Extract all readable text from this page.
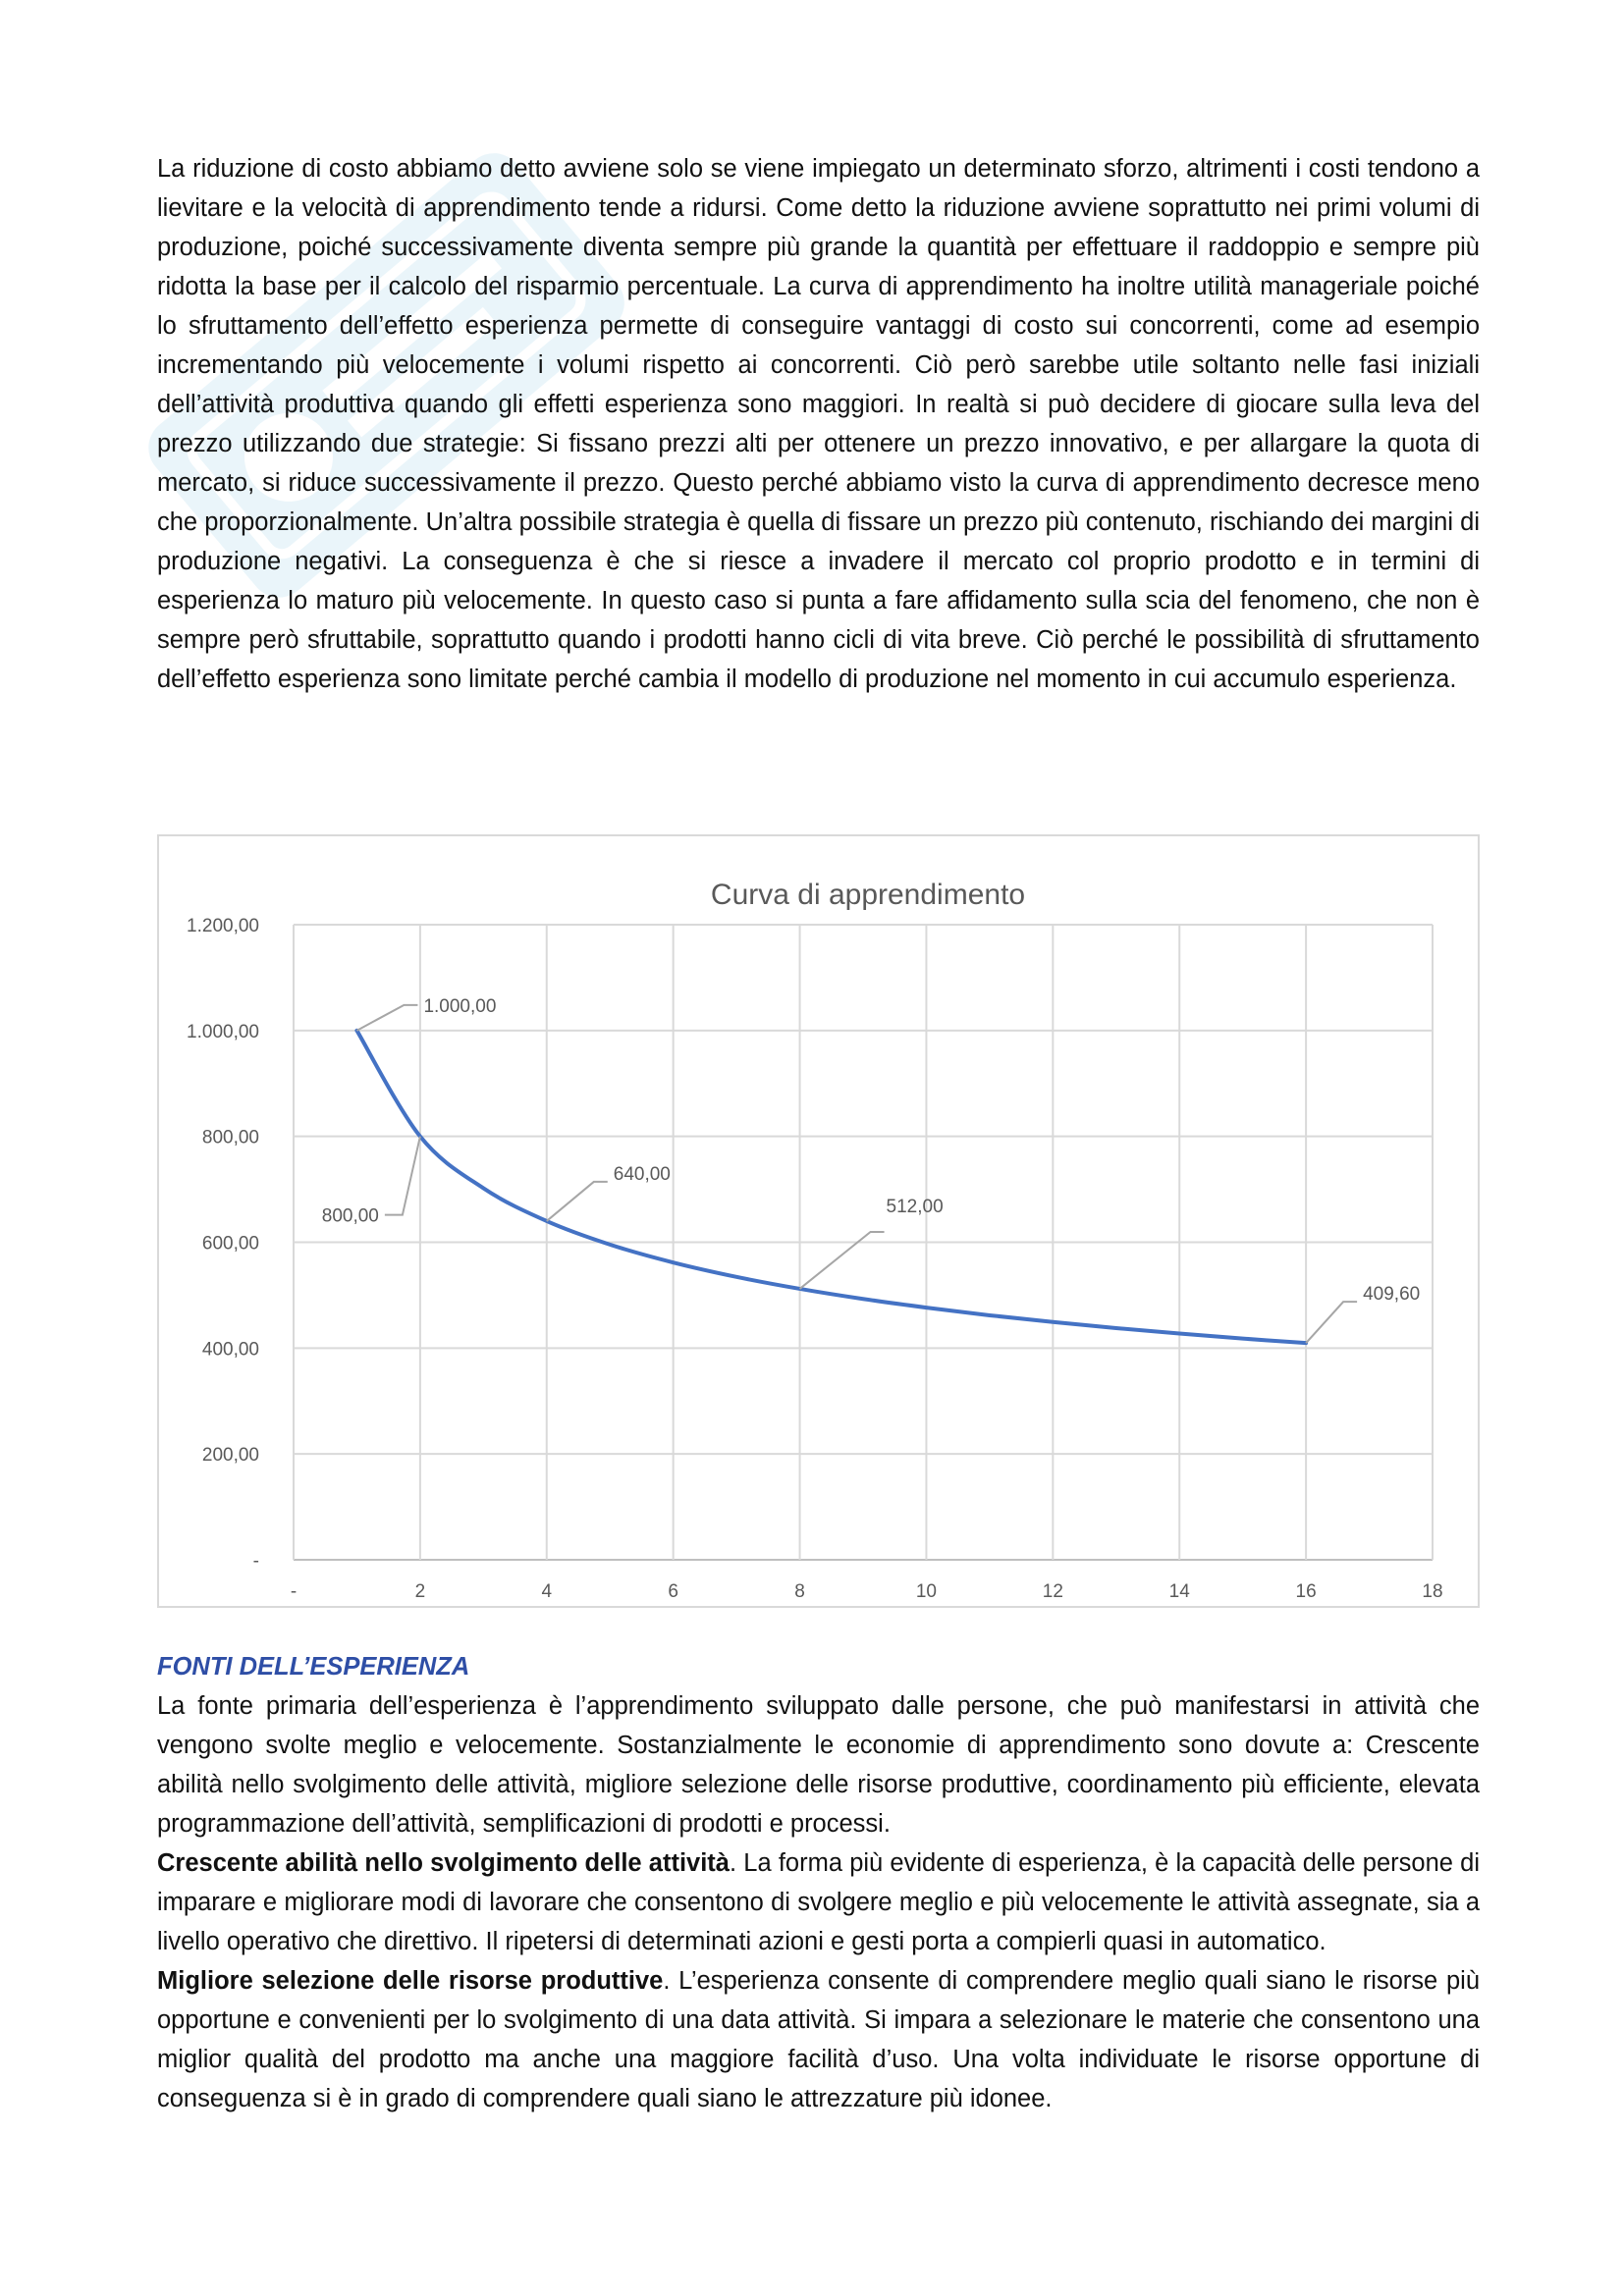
La riduzione di costo abbiamo detto avviene solo se viene impiegato un determinato sforzo, altrimenti i costi tendono a lievitare e la velocità di apprendimento tende a ridursi. Come detto la riduzione avviene soprattutto nei primi volumi di produzione, poiché successivamente diventa sempre più grande la quantità per effettuare il raddoppio e sempre più ridotta la base per il calcolo del risparmio percentuale. La curva di apprendimento ha inoltre utilità manageriale poiché lo sfruttamento dell’effetto esperienza permette di conseguire vantaggi di costo sui concorrenti, come ad esempio incrementando più velocemente i volumi rispetto ai concorrenti. Ciò però sarebbe utile soltanto nelle fasi iniziali dell’attività produttiva quando gli effetti esperienza sono maggiori. In realtà si può decidere di giocare sulla leva del prezzo utilizzando due strategie: Si fissano prezzi alti per ottenere un prezzo innovativo, e per allargare la quota di mercato, si riduce successivamente il prezzo. Questo perché abbiamo visto la curva di apprendimento decresce meno che proporzionalmente. Un’altra possibile strategia è quella di fissare un prezzo più contenuto, rischiando dei margini di produzione negativi. La conseguenza è che si riesce a invadere il mercato col proprio prodotto e in termini di esperienza lo maturo più velocemente. In questo caso si punta a fare affidamento sulla scia del fenomeno, che non è sempre però sfruttabile, soprattutto quando i prodotti hanno cicli di vita breve. Ciò perché le possibilità di sfruttamento dell’effetto esperienza sono limitate perché cambia il modello di produzione nel momento in cui accumulo esperienza.

Curva di apprendimento
-
200,00
400,00
600,00
800,00
1.000,00
1.200,00
-	2	4	6	8	10	12	14	16	18
1.000,00
800,00
640,00
512,00
409,60

FONTI DELL’ESPERIENZA

La fonte primaria dell’esperienza è l’apprendimento sviluppato dalle persone, che può manifestarsi in attività che vengono svolte meglio e velocemente. Sostanzialmente le economie di apprendimento sono dovute a: Crescente abilità nello svolgimento delle attività, migliore selezione delle risorse produttive, coordinamento più efficiente, elevata programmazione dell’attività, semplificazioni di prodotti e processi.

Crescente abilità nello svolgimento delle attività. La forma più evidente di esperienza, è la capacità delle persone di imparare e migliorare modi di lavorare che consentono di svolgere meglio e più velocemente le attività assegnate, sia a livello operativo che direttivo. Il ripetersi di determinati azioni e gesti porta a compierli quasi in automatico.

Migliore selezione delle risorse produttive. L’esperienza consente di comprendere meglio quali siano le risorse più opportune e convenienti per lo svolgimento di una data attività. Si impara a selezionare le materie che consentono una miglior qualità del prodotto ma anche una maggiore facilità d’uso. Una volta individuate le risorse opportune di conseguenza si è in grado di comprendere quali siano le attrezzature più idonee.
